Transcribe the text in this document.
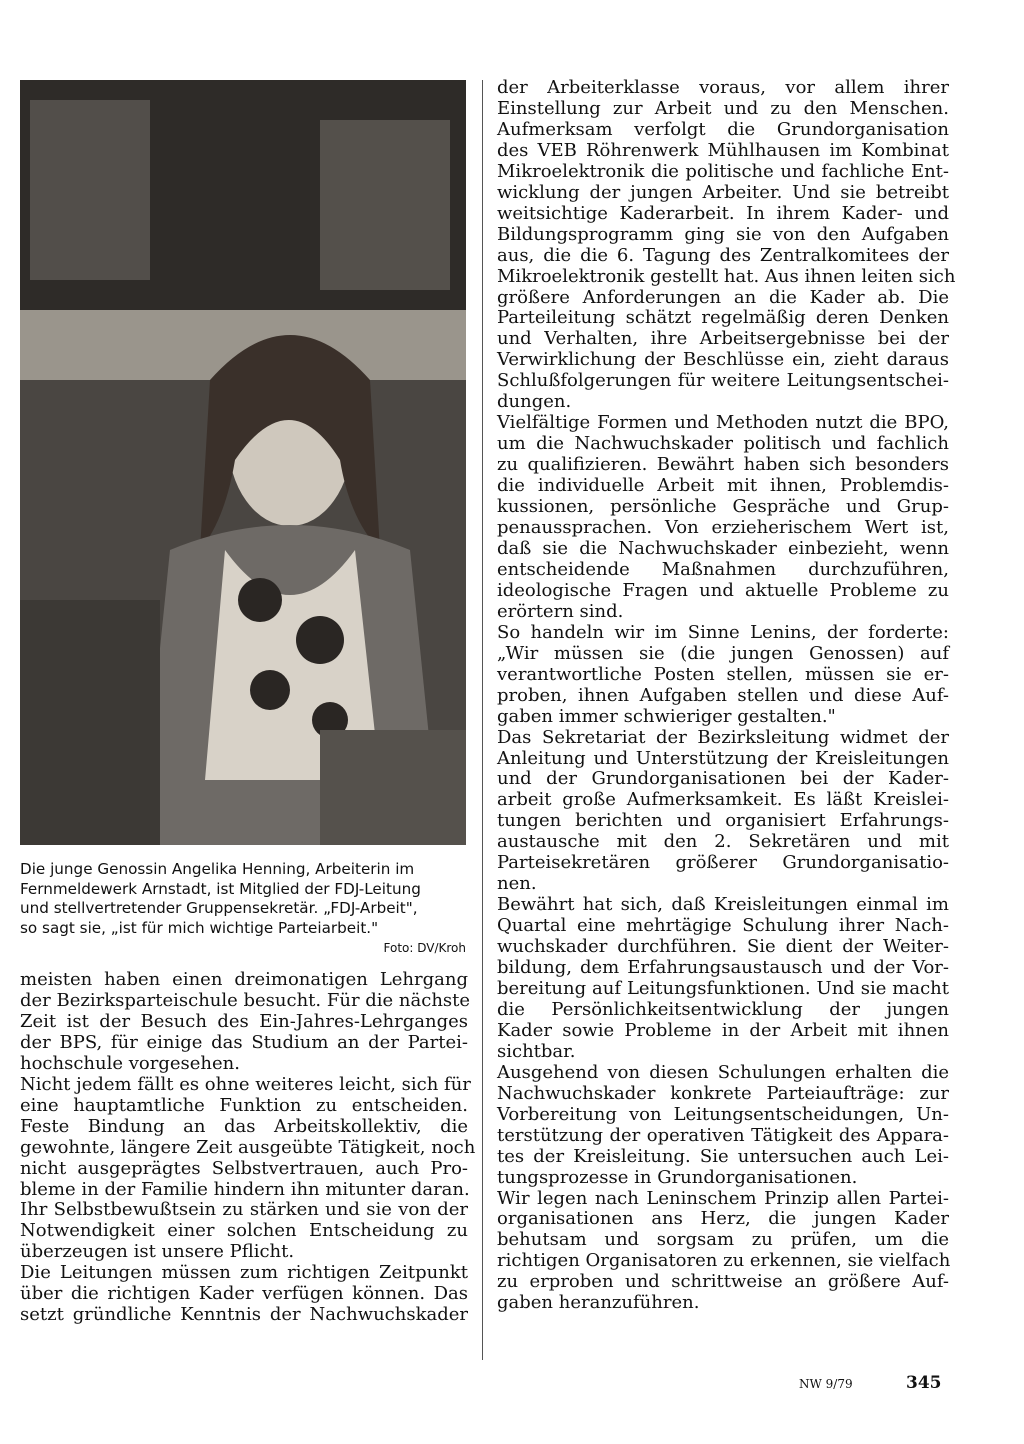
Die junge Genossin Angelika Henning, Arbeiterin im
Fernmeldewerk Arnstadt, ist Mitglied der FDJ-Leitung
und stellvertretender Gruppensekretär. „FDJ-Arbeit",
so sagt sie, „ist für mich wichtige Parteiarbeit."
Foto: DV/Kroh
meisten haben einen dreimonatigen Lehrgang
der Bezirksparteischule besucht. Für die nächste
Zeit ist der Besuch des Ein-Jahres-Lehrganges
der BPS, für einige das Studium an der Partei-
hochschule vorgesehen.
Nicht jedem fällt es ohne weiteres leicht, sich für
eine hauptamtliche Funktion zu entscheiden.
Feste Bindung an das Arbeitskollektiv, die
gewohnte, längere Zeit ausgeübte Tätigkeit, noch
nicht ausgeprägtes Selbstvertrauen, auch Pro-
bleme in der Familie hindern ihn mitunter daran.
Ihr Selbstbewußtsein zu stärken und sie von der
Notwendigkeit einer solchen Entscheidung zu
überzeugen ist unsere Pflicht.
Die Leitungen müssen zum richtigen Zeitpunkt
über die richtigen Kader verfügen können. Das
setzt gründliche Kenntnis der Nachwuchskader
der Arbeiterklasse voraus, vor allem ihrer
Einstellung zur Arbeit und zu den Menschen.
Aufmerksam verfolgt die Grundorganisation
des VEB Röhrenwerk Mühlhausen im Kombinat
Mikroelektronik die politische und fachliche Ent-
wicklung der jungen Arbeiter. Und sie betreibt
weitsichtige Kaderarbeit. In ihrem Kader- und
Bildungsprogramm ging sie von den Aufgaben
aus, die die 6. Tagung des Zentralkomitees der
Mikroelektronik gestellt hat. Aus ihnen leiten sich
größere Anforderungen an die Kader ab. Die
Parteileitung schätzt regelmäßig deren Denken
und Verhalten, ihre Arbeitsergebnisse bei der
Verwirklichung der Beschlüsse ein, zieht daraus
Schlußfolgerungen für weitere Leitungsentschei-
dungen.
Vielfältige Formen und Methoden nutzt die BPO,
um die Nachwuchskader politisch und fachlich
zu qualifizieren. Bewährt haben sich besonders
die individuelle Arbeit mit ihnen, Problemdis-
kussionen, persönliche Gespräche und Grup-
penaussprachen. Von erzieherischem Wert ist,
daß sie die Nachwuchskader einbezieht, wenn
entscheidende Maßnahmen durchzuführen,
ideologische Fragen und aktuelle Probleme zu
erörtern sind.
So handeln wir im Sinne Lenins, der forderte:
„Wir müssen sie (die jungen Genossen) auf
verantwortliche Posten stellen, müssen sie er-
proben, ihnen Aufgaben stellen und diese Auf-
gaben immer schwieriger gestalten."
Das Sekretariat der Bezirksleitung widmet der
Anleitung und Unterstützung der Kreisleitungen
und der Grundorganisationen bei der Kader-
arbeit große Aufmerksamkeit. Es läßt Kreislei-
tungen berichten und organisiert Erfahrungs-
austausche mit den 2. Sekretären und mit
Parteisekretären größerer Grundorganisatio-
nen.
Bewährt hat sich, daß Kreisleitungen einmal im
Quartal eine mehrtägige Schulung ihrer Nach-
wuchskader durchführen. Sie dient der Weiter-
bildung, dem Erfahrungsaustausch und der Vor-
bereitung auf Leitungsfunktionen. Und sie macht
die Persönlichkeitsentwicklung der jungen
Kader sowie Probleme in der Arbeit mit ihnen
sichtbar.
Ausgehend von diesen Schulungen erhalten die
Nachwuchskader konkrete Parteiaufträge: zur
Vorbereitung von Leitungsentscheidungen, Un-
terstützung der operativen Tätigkeit des Appara-
tes der Kreisleitung. Sie untersuchen auch Lei-
tungsprozesse in Grundorganisationen.
Wir legen nach Leninschem Prinzip allen Partei-
organisationen ans Herz, die jungen Kader
behutsam und sorgsam zu prüfen, um die
richtigen Organisatoren zu erkennen, sie vielfach
zu erproben und schrittweise an größere Auf-
gaben heranzuführen.
NW 9/79	345
